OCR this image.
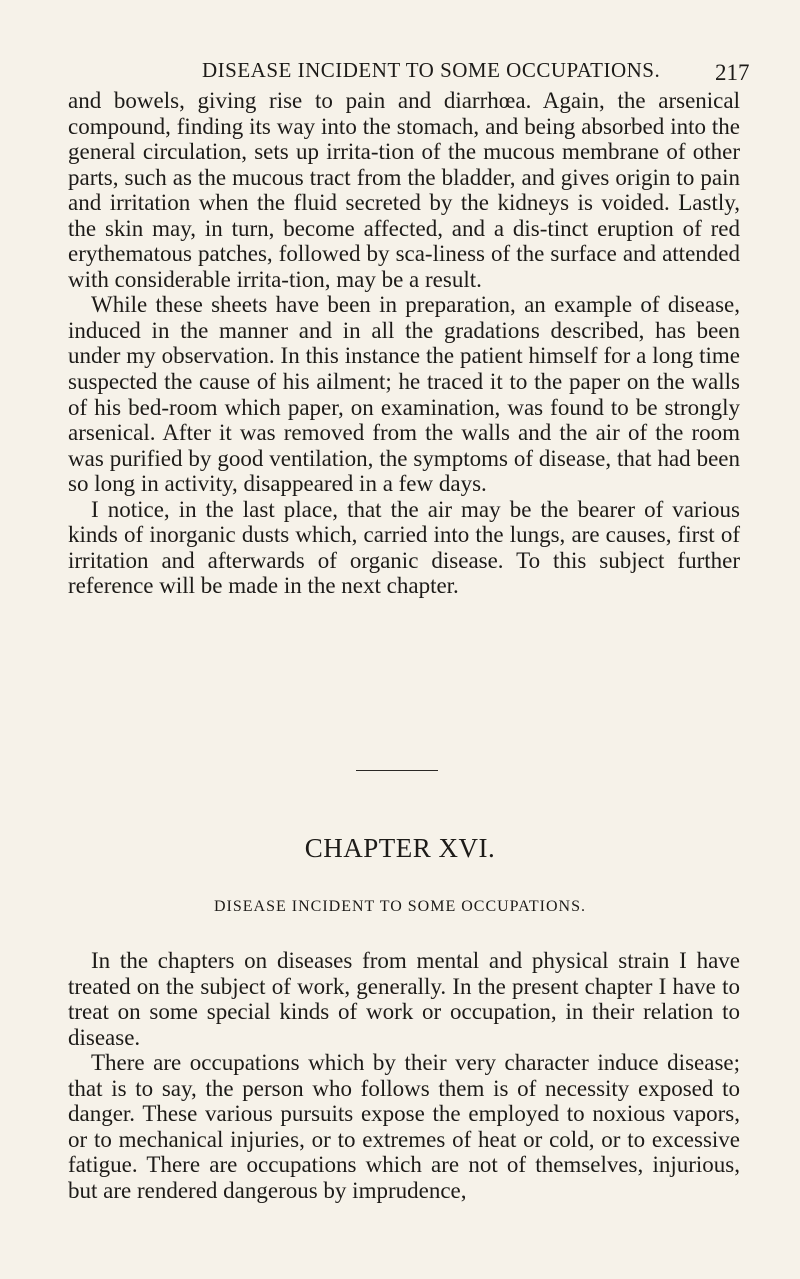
DISEASE INCIDENT TO SOME OCCUPATIONS.	217

and bowels, giving rise to pain and diarrhœa. Again, the arsenical compound, finding its way into the stomach, and being absorbed into the general circulation, sets up irrita-tion of the mucous membrane of other parts, such as the mucous tract from the bladder, and gives origin to pain and irritation when the fluid secreted by the kidneys is voided. Lastly, the skin may, in turn, become affected, and a dis-tinct eruption of red erythematous patches, followed by sca-liness of the surface and attended with considerable irrita-tion, may be a result.

While these sheets have been in preparation, an example of disease, induced in the manner and in all the gradations described, has been under my observation. In this instance the patient himself for a long time suspected the cause of his ailment; he traced it to the paper on the walls of his bed-room which paper, on examination, was found to be strongly arsenical. After it was removed from the walls and the air of the room was purified by good ventilation, the symptoms of disease, that had been so long in activity, disappeared in a few days.

I notice, in the last place, that the air may be the bearer of various kinds of inorganic dusts which, carried into the lungs, are causes, first of irritation and afterwards of organic disease. To this subject further reference will be made in the next chapter.

CHAPTER XVI.
DISEASE INCIDENT TO SOME OCCUPATIONS.

In the chapters on diseases from mental and physical strain I have treated on the subject of work, generally. In the present chapter I have to treat on some special kinds of work or occupation, in their relation to disease.

There are occupations which by their very character induce disease; that is to say, the person who follows them is of necessity exposed to danger. These various pursuits expose the employed to noxious vapors, or to mechanical injuries, or to extremes of heat or cold, or to excessive fatigue. There are occupations which are not of themselves, injurious, but are rendered dangerous by imprudence,
